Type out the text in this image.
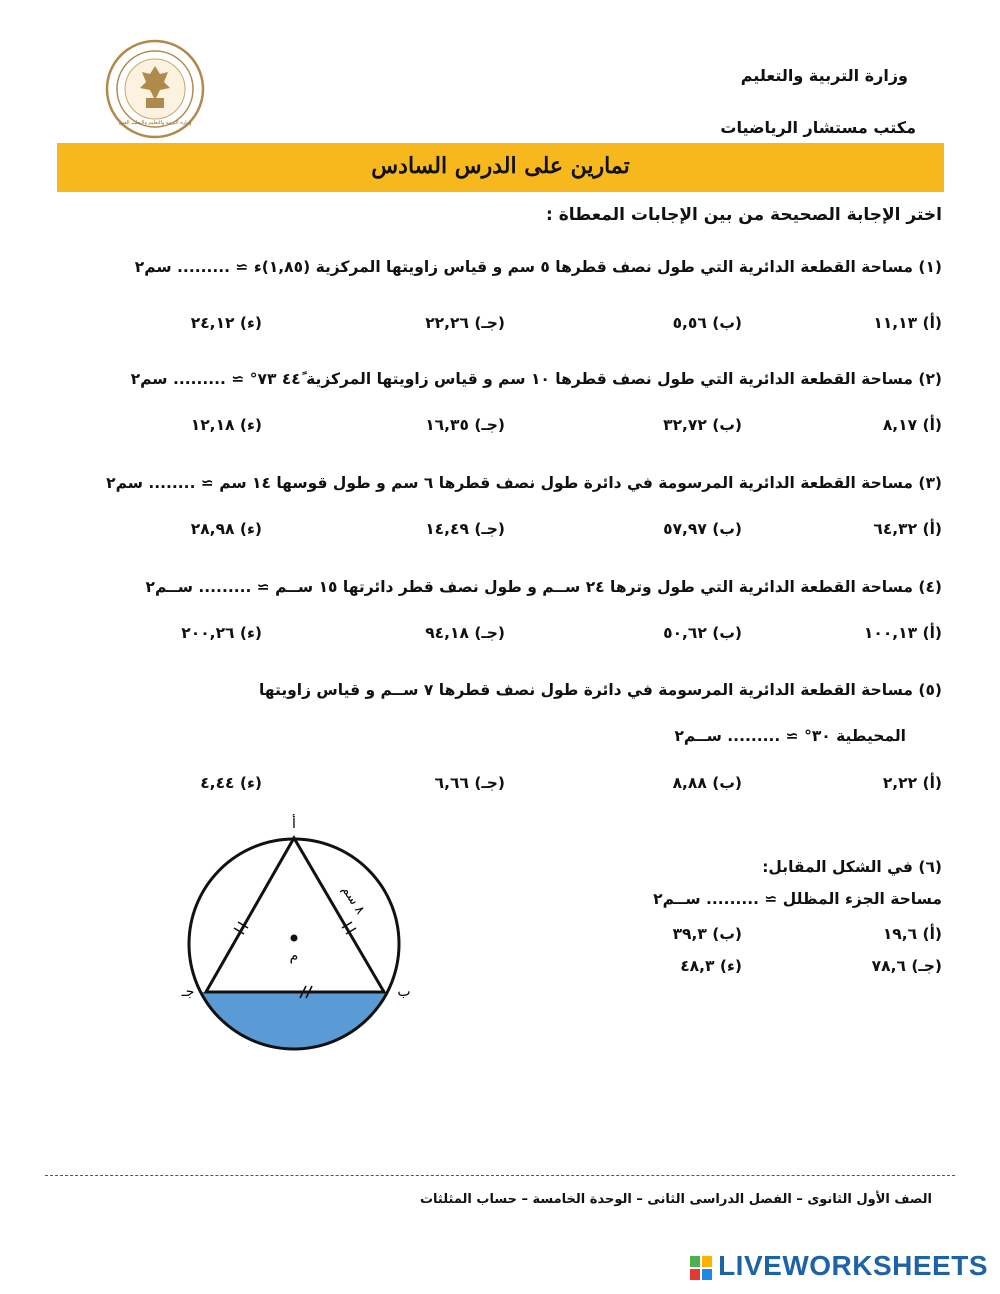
وزارة التربية والتعليم والتعليم الفني
وزارة التربية والتعليم
مكتب مستشار الرياضيات
تمارين على الدرس السادس
اختر الإجابة الصحيحة من بين الإجابات المعطاة :
(١) مساحة القطعة الدائرية التي طول نصف قطرها ٥ سم و قياس زاويتها المركزية (١,٨٥)ء ≃ ......... سم٢
(أ) ١١,١٣
(ب) ٥,٥٦
(جـ) ٢٢,٢٦
(ء) ٢٤,١٢
(٢) مساحة القطعة الدائرية التي طول نصف قطرها ١٠ سم و قياس زاويتها المركزية ٤٤ً ٧٣° ≃ ......... سم٢
(أ) ٨,١٧
(ب) ٣٢,٧٢
(جـ) ١٦,٣٥
(ء) ١٢,١٨
(٣) مساحة القطعة الدائرية المرسومة في دائرة طول نصف قطرها ٦ سم و طول قوسها ١٤ سم ≃ ........ سم٢
(أ) ٦٤,٣٢
(ب) ٥٧,٩٧
(جـ) ١٤,٤٩
(ء) ٢٨,٩٨
(٤) مساحة القطعة الدائرية التي طول وترها ٢٤ ســم و طول نصف قطر دائرتها ١٥ ســم ≃ ......... ســم٢
(أ) ١٠٠,١٣
(ب) ٥٠,٦٢
(جـ) ٩٤,١٨
(ء) ٢٠٠,٢٦
(٥) مساحة القطعة الدائرية المرسومة في دائرة طول نصف قطرها ٧ ســم و قياس زاويتها
المحيطية ٣٠° ≃ ......... ســم٢
(أ) ٢,٢٢
(ب) ٨,٨٨
(جـ) ٦,٦٦
(ء) ٤,٤٤
(٦) في الشكل المقابل:
مساحة الجزء المظلل ≃ ......... ســم٢
(أ) ١٩,٦
(ب) ٣٩,٣
(جـ) ٧٨,٦
(ء) ٤٨,٣
أ
ب
جـ
م
٨ سم
الصف الأول الثانوى – الفصل الدراسى الثانى – الوحدة الخامسة – حساب المثلثات
LIVEWORKSHEETS
